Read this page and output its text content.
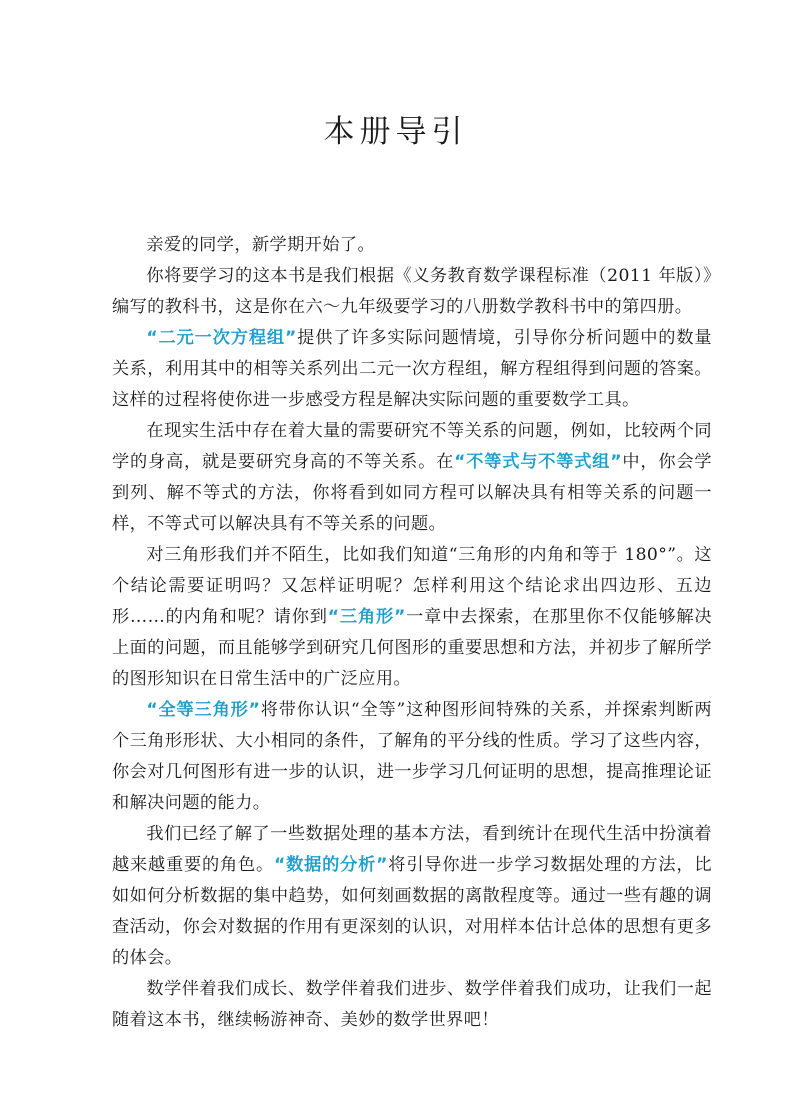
本册导引

亲爱的同学，新学期开始了。

你将要学习的这本书是我们根据《义务教育数学课程标准（2011 年版）》编写的教科书，这是你在六～九年级要学习的八册数学教科书中的第四册。

“二元一次方程组”提供了许多实际问题情境，引导你分析问题中的数量关系，利用其中的相等关系列出二元一次方程组，解方程组得到问题的答案。这样的过程将使你进一步感受方程是解决实际问题的重要数学工具。

在现实生活中存在着大量的需要研究不等关系的问题，例如，比较两个同学的身高，就是要研究身高的不等关系。在“不等式与不等式组”中，你会学到列、解不等式的方法，你将看到如同方程可以解决具有相等关系的问题一样，不等式可以解决具有不等关系的问题。

对三角形我们并不陌生，比如我们知道“三角形的内角和等于 180°”。这个结论需要证明吗？又怎样证明呢？怎样利用这个结论求出四边形、五边形……的内角和呢？请你到“三角形”一章中去探索，在那里你不仅能够解决上面的问题，而且能够学到研究几何图形的重要思想和方法，并初步了解所学的图形知识在日常生活中的广泛应用。

“全等三角形”将带你认识“全等”这种图形间特殊的关系，并探索判断两个三角形形状、大小相同的条件，了解角的平分线的性质。学习了这些内容，你会对几何图形有进一步的认识，进一步学习几何证明的思想，提高推理论证和解决问题的能力。

我们已经了解了一些数据处理的基本方法，看到统计在现代生活中扮演着越来越重要的角色。“数据的分析”将引导你进一步学习数据处理的方法，比如如何分析数据的集中趋势，如何刻画数据的离散程度等。通过一些有趣的调查活动，你会对数据的作用有更深刻的认识，对用样本估计总体的思想有更多的体会。

数学伴着我们成长、数学伴着我们进步、数学伴着我们成功，让我们一起随着这本书，继续畅游神奇、美妙的数学世界吧！
